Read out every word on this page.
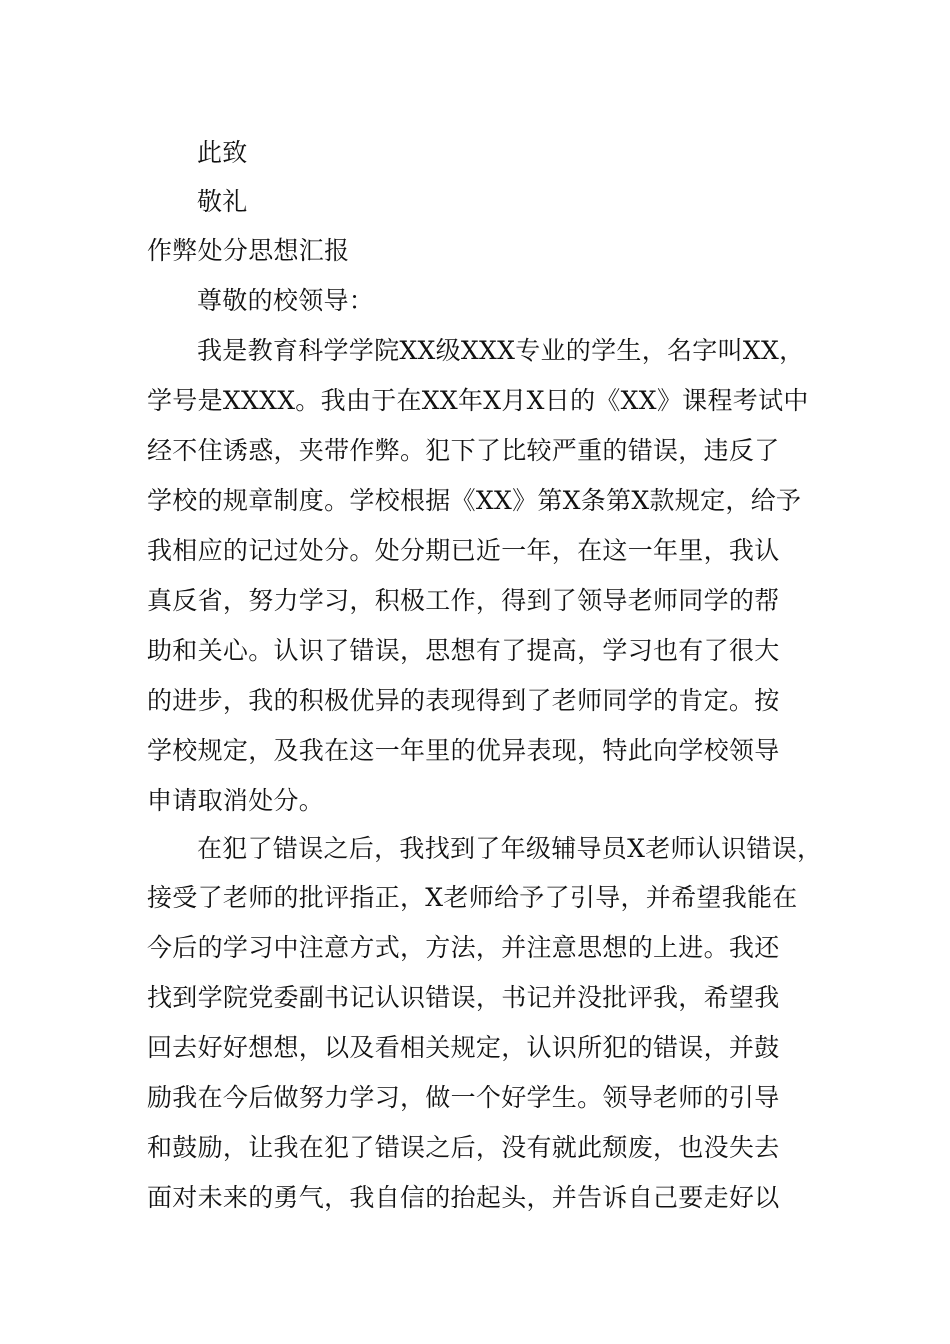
此致
敬礼
作弊处分思想汇报
尊敬的校领导：
我是教育科学学院XX级XXX专业的学生，名字叫XX，
学号是XXXX。我由于在XX年X月X日的《XX》课程考试中
经不住诱惑，夹带作弊。犯下了比较严重的错误，违反了
学校的规章制度。学校根据《XX》第X条第X款规定，给予
我相应的记过处分。处分期已近一年，在这一年里，我认
真反省，努力学习，积极工作，得到了领导老师同学的帮
助和关心。认识了错误，思想有了提高，学习也有了很大
的进步，我的积极优异的表现得到了老师同学的肯定。按
学校规定，及我在这一年里的优异表现，特此向学校领导
申请取消处分。
在犯了错误之后，我找到了年级辅导员X老师认识错误，
接受了老师的批评指正，X老师给予了引导，并希望我能在
今后的学习中注意方式，方法，并注意思想的上进。我还
找到学院党委副书记认识错误，书记并没批评我，希望我
回去好好想想，以及看相关规定，认识所犯的错误，并鼓
励我在今后做努力学习，做一个好学生。领导老师的引导
和鼓励，让我在犯了错误之后，没有就此颓废，也没失去
面对未来的勇气，我自信的抬起头，并告诉自己要走好以
